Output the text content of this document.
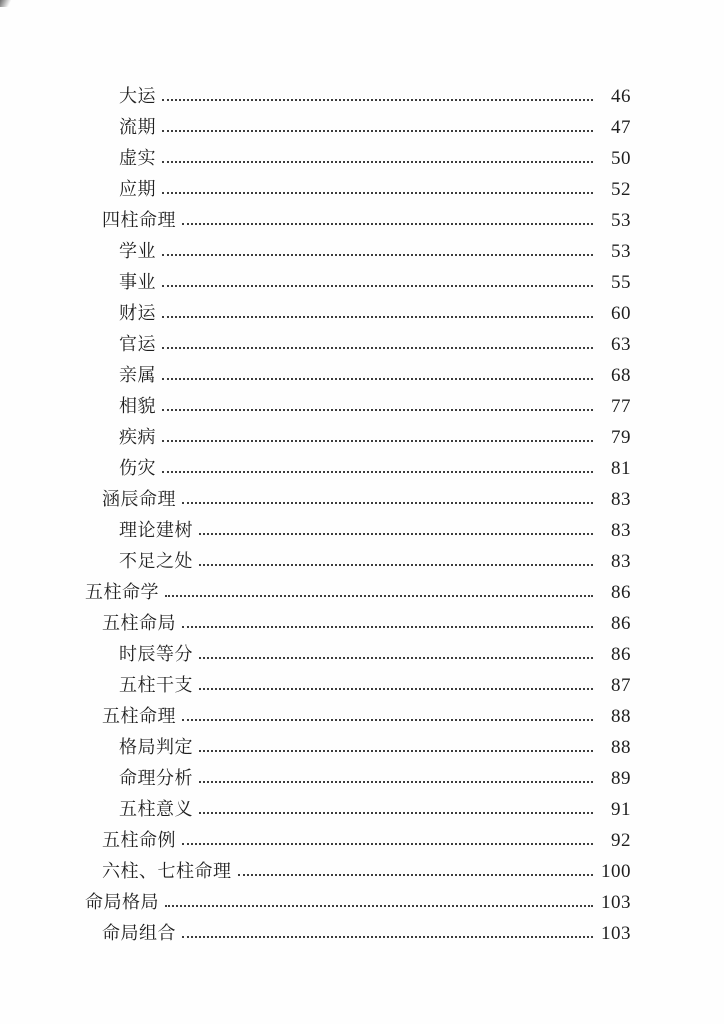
大运	46
流期	47
虚实	50
应期	52
四柱命理	53
学业	53
事业	55
财运	60
官运	63
亲属	68
相貌	77
疾病	79
伤灾	81
涵辰命理	83
理论建树	83
不足之处	83
五柱命学	86
五柱命局	86
时辰等分	86
五柱干支	87
五柱命理	88
格局判定	88
命理分析	89
五柱意义	91
五柱命例	92
六柱、七柱命理	100
命局格局	103
命局组合	103
